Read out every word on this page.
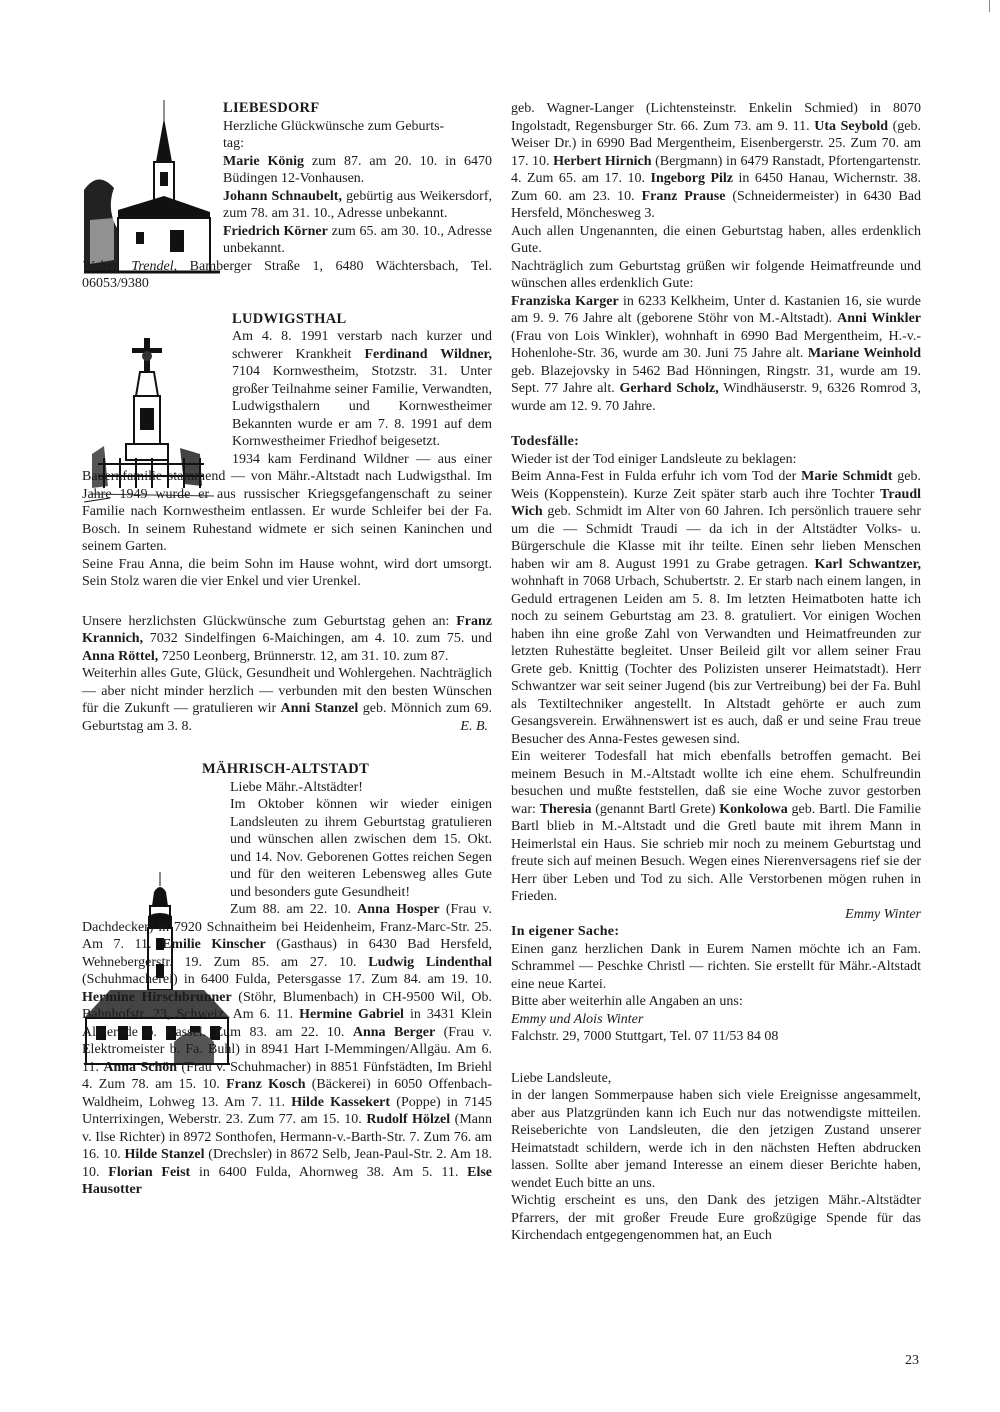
LIEBESDORF

Herzliche Glückwünsche zum Geburts-

tag:

Marie König zum 87. am 20. 10. in 6470 Büdingen 12-Vonhausen.

Johann Schnaubelt, gebürtig aus Weikersdorf, zum 78. am 31. 10., Adresse unbekannt.

Friedrich Körner zum 65. am 30. 10., Adresse unbekannt.

Walter Trendel, Bamberger Straße 1, 6480 Wächtersbach, Tel. 06053/9380

LUDWIGSTHAL

Am 4. 8. 1991 verstarb nach kurzer und schwerer Krankheit Ferdinand Wildner, 7104 Kornwestheim, Stotzstr. 31. Unter großer Teilnahme seiner Familie, Verwandten, Ludwigsthalern und Kornwestheimer Bekannten wurde er am 7. 8. 1991 auf dem Kornwestheimer Friedhof beigesetzt.

1934 kam Ferdinand Wildner — aus einer Bauernfamilie stammend — von Mähr.-Altstadt nach Ludwigsthal. Im Jahre 1949 wurde er aus russischer Kriegsgefangenschaft zu seiner Familie nach Kornwestheim entlassen. Er wurde Schleifer bei der Fa. Bosch. In seinem Ruhestand widmete er sich seinen Kaninchen und seinem Garten.

Seine Frau Anna, die beim Sohn im Hause wohnt, wird dort umsorgt. Sein Stolz waren die vier Enkel und vier Urenkel.

Unsere herzlichsten Glückwünsche zum Geburtstag gehen an: Franz Krannich, 7032 Sindelfingen 6-Maichingen, am 4. 10. zum 75. und Anna Röttel, 7250 Leonberg, Brünnerstr. 12, am 31. 10. zum 87.

Weiterhin alles Gute, Glück, Gesundheit und Wohlergehen. Nachträglich — aber nicht minder herzlich — verbunden mit den besten Wünschen für die Zukunft — gratulieren wir Anni Stanzel geb. Mönnich zum 69. Geburtstag am 3. 8.	E. B.

MÄHRISCH-ALTSTADT

Liebe Mähr.-Altstädter!

Im Oktober können wir wieder einigen Landsleuten zu ihrem Geburtstag gratulieren und wünschen allen zwischen dem 15. Okt. und 14. Nov. Geborenen Gottes reichen Segen und für den weiteren Lebensweg alles Gute und besonders gute Gesundheit!

Zum 88. am 22. 10. Anna Hosper (Frau v. Dachdecker) in 7920 Schnaitheim bei Heidenheim, Franz-Marc-Str. 25. Am 7. 11. Emilie Kinscher (Gasthaus) in 6430 Bad Hersfeld, Wehnebergerstr. 19. Zum 85. am 27. 10. Ludwig Lindenthal (Schuhmacherei) in 6400 Fulda, Petersgasse 17. Zum 84. am 19. 10. Hermine Hirschbrunner (Stöhr, Blumenbach) in CH-9500 Wil, Ob. Bahnhofstr. 23, Schweiz. Am 6. 11. Hermine Gabriel in 3431 Klein Almerode b. Kassel. Zum 83. am 22. 10. Anna Berger (Frau v. Elektromeister b. Fa. Buhl) in 8941 Hart I-Memmingen/Allgäu. Am 6. 11. Anna Schön (Frau v. Schuhmacher) in 8851 Fünfstädten, Im Briehl 4. Zum 78. am 15. 10. Franz Kosch (Bäckerei) in 6050 Offenbach-Waldheim, Lohweg 13. Am 7. 11. Hilde Kassekert (Poppe) in 7145 Unterrixingen, Weberstr. 23. Zum 77. am 15. 10. Rudolf Hölzel (Mann v. Ilse Richter) in 8972 Sonthofen, Hermann-v.-Barth-Str. 7. Zum 76. am 16. 10. Hilde Stanzel (Drechsler) in 8672 Selb, Jean-Paul-Str. 2. Am 18. 10. Florian Feist in 6400 Fulda, Ahornweg 38. Am 5. 11. Else Hausotter

geb. Wagner-Langer (Lichtensteinstr. Enkelin Schmied) in 8070 Ingolstadt, Regensburger Str. 66. Zum 73. am 9. 11. Uta Seybold (geb. Weiser Dr.) in 6990 Bad Mergentheim, Eisenbergerstr. 25. Zum 70. am 17. 10. Herbert Hirnich (Bergmann) in 6479 Ranstadt, Pfortengartenstr. 4. Zum 65. am 17. 10. Ingeborg Pilz in 6450 Hanau, Wichernstr. 38. Zum 60. am 23. 10. Franz Prause (Schneidermeister) in 6430 Bad Hersfeld, Mönchesweg 3.

Auch allen Ungenannten, die einen Geburtstag haben, alles erdenklich Gute.

Nachträglich zum Geburtstag grüßen wir folgende Heimatfreunde und wünschen alles erdenklich Gute:

Franziska Karger in 6233 Kelkheim, Unter d. Kastanien 16, sie wurde am 9. 9. 76 Jahre alt (geborene Stöhr von M.-Altstadt). Anni Winkler (Frau von Lois Winkler), wohnhaft in 6990 Bad Mergentheim, H.-v.-Hohenlohe-Str. 36, wurde am 30. Juni 75 Jahre alt. Mariane Weinhold geb. Blazejovsky in 5462 Bad Hönningen, Ringstr. 31, wurde am 19. Sept. 77 Jahre alt. Gerhard Scholz, Windhäuserstr. 9, 6326 Romrod 3, wurde am 12. 9. 70 Jahre.

Todesfälle:

Wieder ist der Tod einiger Landsleute zu beklagen:

Beim Anna-Fest in Fulda erfuhr ich vom Tod der Marie Schmidt geb. Weis (Koppenstein). Kurze Zeit später starb auch ihre Tochter Traudl Wich geb. Schmidt im Alter von 60 Jahren. Ich persönlich trauere sehr um die — Schmidt Traudi — da ich in der Altstädter Volks- u. Bürgerschule die Klasse mit ihr teilte. Einen sehr lieben Menschen haben wir am 8. August 1991 zu Grabe getragen. Karl Schwantzer, wohnhaft in 7068 Urbach, Schubertstr. 2. Er starb nach einem langen, in Geduld ertragenen Leiden am 5. 8. Im letzten Heimatboten hatte ich noch zu seinem Geburtstag am 23. 8. gratuliert. Vor einigen Wochen haben ihn eine große Zahl von Verwandten und Heimatfreunden zur letzten Ruhestätte begleitet. Unser Beileid gilt vor allem seiner Frau Grete geb. Knittig (Tochter des Polizisten unserer Heimatstadt). Herr Schwantzer war seit seiner Jugend (bis zur Vertreibung) bei der Fa. Buhl als Textiltechniker angestellt. In Altstadt gehörte er auch zum Gesangsverein. Erwähnenswert ist es auch, daß er und seine Frau treue Besucher des Anna-Festes gewesen sind.

Ein weiterer Todesfall hat mich ebenfalls betroffen gemacht. Bei meinem Besuch in M.-Altstadt wollte ich eine ehem. Schulfreundin besuchen und mußte feststellen, daß sie eine Woche zuvor gestorben war: Theresia (genannt Bartl Grete) Konkolowa geb. Bartl. Die Familie Bartl blieb in M.-Altstadt und die Gretl baute mit ihrem Mann in Heimerlstal ein Haus. Sie schrieb mir noch zu meinem Geburtstag und freute sich auf meinen Besuch. Wegen eines Nierenversagens rief sie der Herr über Leben und Tod zu sich. Alle Verstorbenen mögen ruhen in Frieden.

Emmy Winter

In eigener Sache:

Einen ganz herzlichen Dank in Eurem Namen möchte ich an Fam. Schrammel — Peschke Christl — richten. Sie erstellt für Mähr.-Altstadt eine neue Kartei.

Bitte aber weiterhin alle Angaben an uns:

Emmy und Alois Winter

Falchstr. 29, 7000 Stuttgart, Tel. 07 11/53 84 08

Liebe Landsleute,

in der langen Sommerpause haben sich viele Ereignisse angesammelt, aber aus Platzgründen kann ich Euch nur das notwendigste mitteilen. Reiseberichte von Landsleuten, die den jetzigen Zustand unserer Heimatstadt schildern, werde ich in den nächsten Heften abdrucken lassen. Sollte aber jemand Interesse an einem dieser Berichte haben, wendet Euch bitte an uns.

Wichtig erscheint es uns, den Dank des jetzigen Mähr.-Altstädter Pfarrers, der mit großer Freude Eure großzügige Spende für das Kirchendach entgegengenommen hat, an Euch

23
